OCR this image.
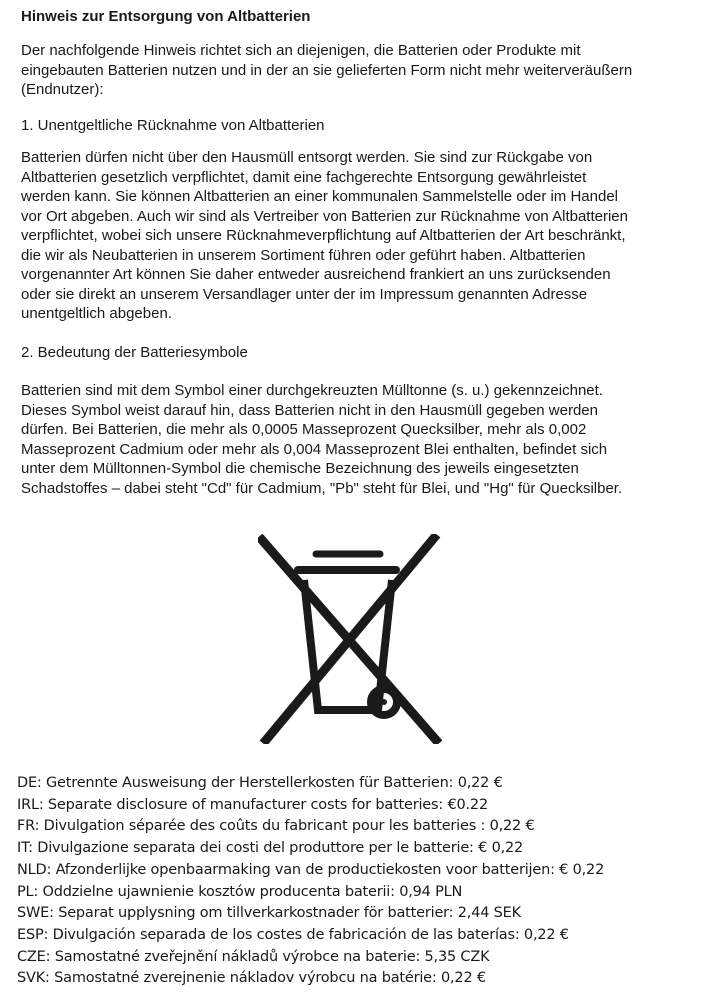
Hinweis zur Entsorgung von Altbatterien

Der nachfolgende Hinweis richtet sich an diejenigen, die Batterien oder Produkte mit
eingebauten Batterien nutzen und in der an sie gelieferten Form nicht mehr weiterveräußern
(Endnutzer):

1. Unentgeltliche Rücknahme von Altbatterien

Batterien dürfen nicht über den Hausmüll entsorgt werden. Sie sind zur Rückgabe von
Altbatterien gesetzlich verpflichtet, damit eine fachgerechte Entsorgung gewährleistet
werden kann. Sie können Altbatterien an einer kommunalen Sammelstelle oder im Handel
vor Ort abgeben. Auch wir sind als Vertreiber von Batterien zur Rücknahme von Altbatterien
verpflichtet, wobei sich unsere Rücknahmeverpflichtung auf Altbatterien der Art beschränkt,
die wir als Neubatterien in unserem Sortiment führen oder geführt haben. Altbatterien
vorgenannter Art können Sie daher entweder ausreichend frankiert an uns zurücksenden
oder sie direkt an unserem Versandlager unter der im Impressum genannten Adresse
unentgeltlich abgeben.

2. Bedeutung der Batteriesymbole

Batterien sind mit dem Symbol einer durchgekreuzten Mülltonne (s. u.) gekennzeichnet.
Dieses Symbol weist darauf hin, dass Batterien nicht in den Hausmüll gegeben werden
dürfen. Bei Batterien, die mehr als 0,0005 Masseprozent Quecksilber, mehr als 0,002
Masseprozent Cadmium oder mehr als 0,004 Masseprozent Blei enthalten, befindet sich
unter dem Mülltonnen-Symbol die chemische Bezeichnung des jeweils eingesetzten
Schadstoffes – dabei steht "Cd" für Cadmium, "Pb" steht für Blei, und "Hg" für Quecksilber.

DE: Getrennte Ausweisung der Herstellerkosten für Batterien: 0,22 €
IRL: Separate disclosure of manufacturer costs for batteries: €0.22
FR: Divulgation séparée des coûts du fabricant pour les batteries : 0,22 €
IT: Divulgazione separata dei costi del produttore per le batterie: € 0,22
NLD: Afzonderlijke openbaarmaking van de productiekosten voor batterijen: € 0,22
PL: Oddzielne ujawnienie kosztów producenta baterii: 0,94 PLN
SWE: Separat upplysning om tillverkarkostnader för batterier: 2,44 SEK
ESP: Divulgación separada de los costes de fabricación de las baterías: 0,22 €
CZE: Samostatné zveřejnění nákladů výrobce na baterie: 5,35 CZK
SVK: Samostatné zverejnenie nákladov výrobcu na batérie: 0,22 €
